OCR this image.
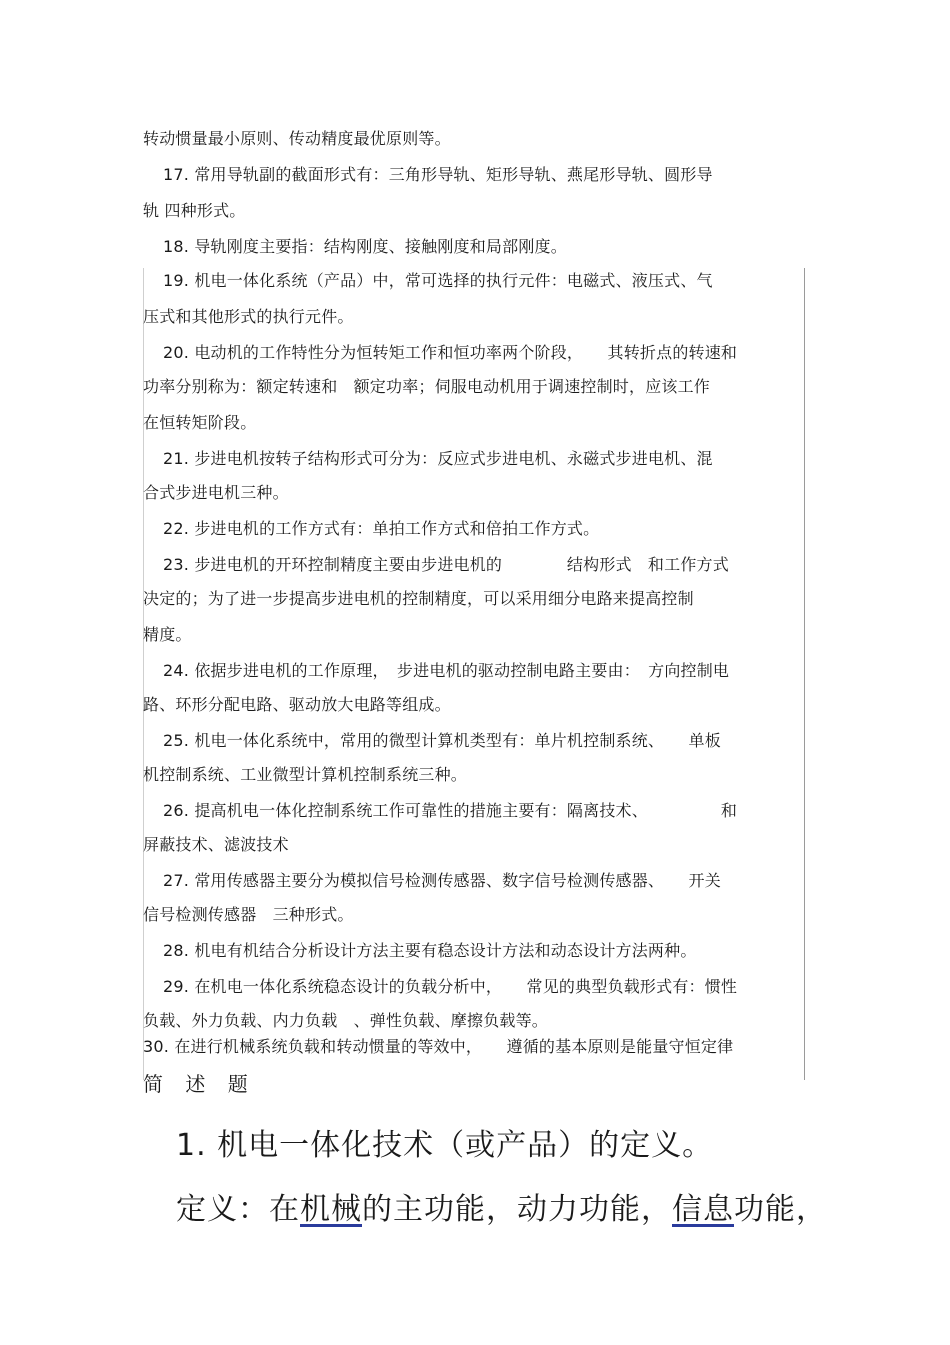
转动惯量最小原则、传动精度最优原则等。
17. 常用导轨副的截面形式有：三角形导轨、矩形导轨、燕尾形导轨、圆形导
轨 四种形式。
18. 导轨刚度主要指：结构刚度、接触刚度和局部刚度。
19. 机电一体化系统（产品）中，常可选择的执行元件：电磁式、液压式、气
压式和其他形式的执行元件。
20. 电动机的工作特性分为恒转矩工作和恒功率两个阶段，　　其转折点的转速和
功率分别称为：额定转速和　额定功率；伺服电动机用于调速控制时，应该工作
在恒转矩阶段。
21. 步进电机按转子结构形式可分为：反应式步进电机、永磁式步进电机、混
合式步进电机三种。
22. 步进电机的工作方式有：单拍工作方式和倍拍工作方式。
23. 步进电机的开环控制精度主要由步进电机的　　　　结构形式　和工作方式
决定的；为了进一步提高步进电机的控制精度，可以采用细分电路来提高控制
精度。
24. 依据步进电机的工作原理，　步进电机的驱动控制电路主要由：　方向控制电
路、环形分配电路、驱动放大电路等组成。
25. 机电一体化系统中，常用的微型计算机类型有：单片机控制系统、　　单板
机控制系统、工业微型计算机控制系统三种。
26. 提高机电一体化控制系统工作可靠性的措施主要有：隔离技术、　　　　　和
屏蔽技术、滤波技术
27. 常用传感器主要分为模拟信号检测传感器、数字信号检测传感器、　　开关
信号检测传感器　三种形式。
28. 机电有机结合分析设计方法主要有稳态设计方法和动态设计方法两种。
29. 在机电一体化系统稳态设计的负载分析中，　　常见的典型负载形式有：惯性
负载、外力负载、内力负载　、弹性负载、摩擦负载等。
30. 在进行机械系统负载和转动惯量的等效中，　　遵循的基本原则是能量守恒定律
简 述 题
1. 机电一体化技术（或产品）的定义。
定义：在机械的主功能，动力功能，信息功能，
